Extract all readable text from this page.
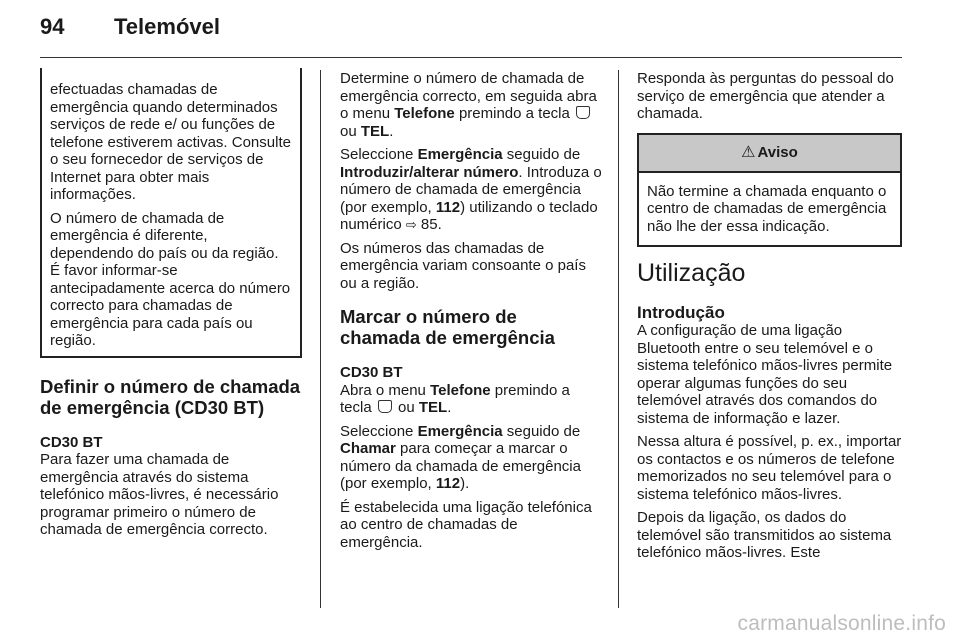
94 Telemóvel

efectuadas chamadas de emergência quando determinados serviços de rede e/ ou funções de telefone estiverem activas. Consulte o seu fornecedor de serviços de Internet para obter mais informações.

O número de chamada de emergência é diferente, dependendo do país ou da região. É favor informar-se antecipadamente acerca do número correcto para chamadas de emergência para cada país ou região.

Definir o número de chamada de emergência (CD30 BT)
CD30 BT

Para fazer uma chamada de emergência através do sistema telefónico mãos-livres, é necessário programar primeiro o número de chamada de emergência correcto.

Determine o número de chamada de emergência correcto, em seguida abra o menu Telefone premindo a tecla  ou TEL.

Seleccione Emergência seguido de Introduzir/alterar número. Introduza o número de chamada de emergência (por exemplo, 112) utilizando o teclado numérico ⇨ 85.

Os números das chamadas de emergência variam consoante o país ou a região.

Marcar o número de chamada de emergência
CD30 BT

Abra o menu Telefone premindo a tecla  ou TEL.

Seleccione Emergência seguido de Chamar para começar a marcar o número da chamada de emergência (por exemplo, 112).

É estabelecida uma ligação telefónica ao centro de chamadas de emergência.

Responda às perguntas do pessoal do serviço de emergência que atender a chamada.

⚠ Aviso
Não termine a chamada enquanto o centro de chamadas de emergência não lhe der essa indicação.
Utilização
Introdução

A configuração de uma ligação Bluetooth entre o seu telemóvel e o sistema telefónico mãos-livres permite operar algumas funções do seu telemóvel através dos comandos do sistema de informação e lazer.

Nessa altura é possível, p. ex., importar os contactos e os números de telefone memorizados no seu telemóvel para o sistema telefónico mãos-livres.

Depois da ligação, os dados do telemóvel são transmitidos ao sistema telefónico mãos-livres. Este

carmanualsonline.info
